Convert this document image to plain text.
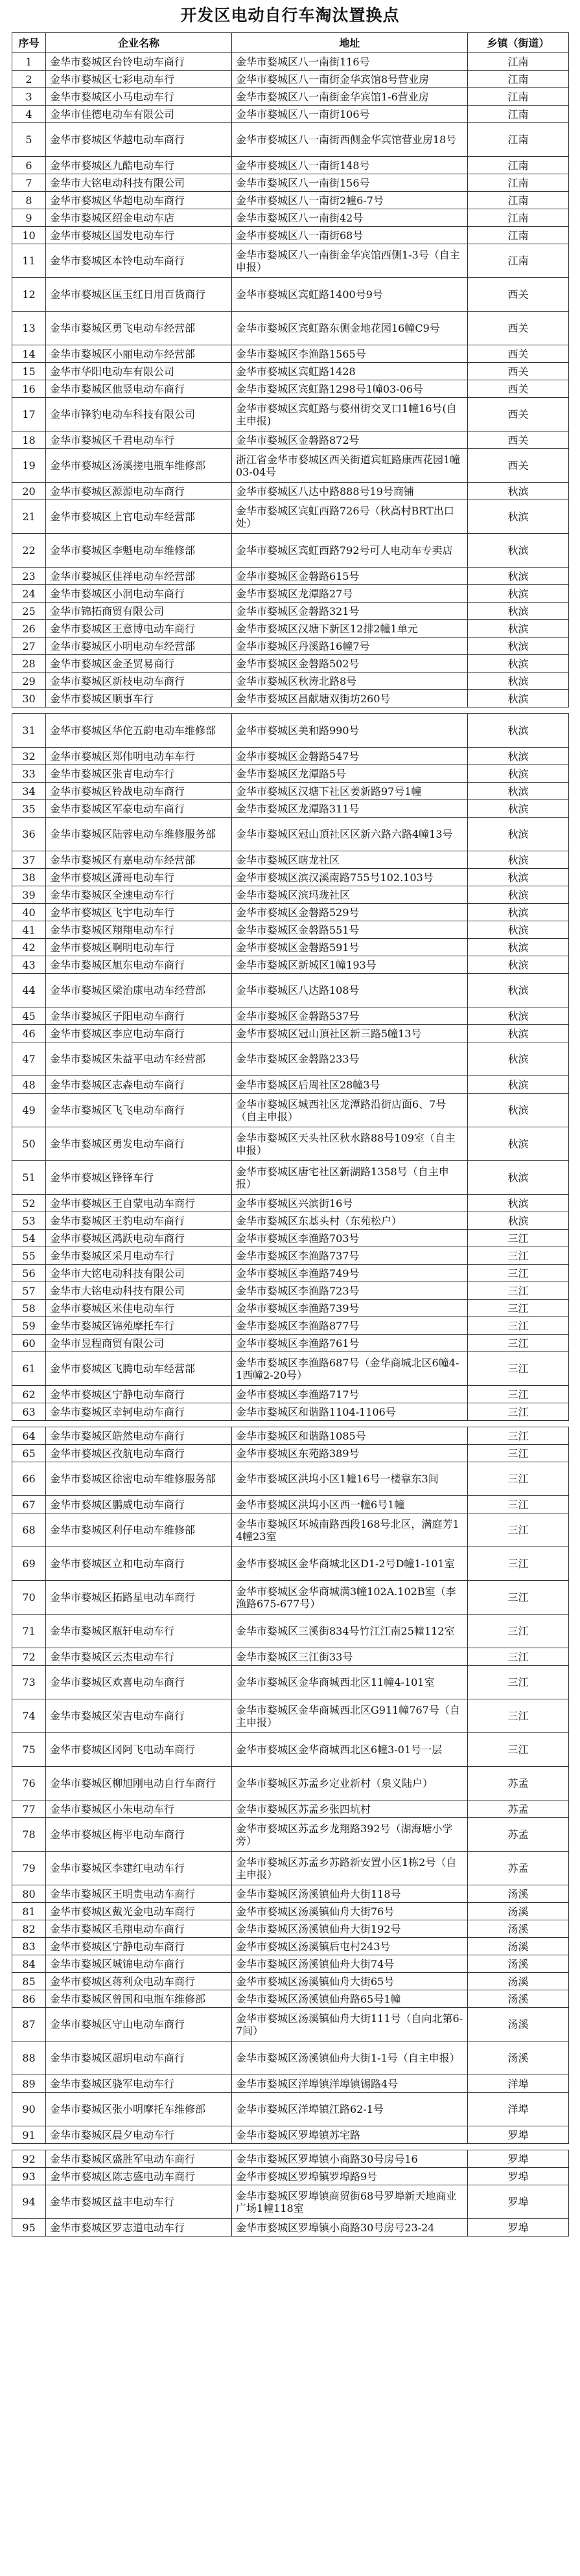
开发区电动自行车淘汰置换点
序号	企业名称	地址	乡镇（街道）
1	金华市婺城区台铃电动车商行	金华市婺城区八一南街116号	江南
2	金华市婺城区七彩电动车行	金华市婺城区八一南街金华宾馆8号营业房	江南
3	金华市婺城区小马电动车行	金华市婺城区八一南街金华宾馆1-6营业房	江南
4	金华市佳德电动车有限公司	金华市婺城区八一南街106号	江南
5	金华市婺城区华越电动车商行	金华市婺城区八一南街西侧金华宾馆营业房18号	江南
6	金华市婺城区九酷电动车行	金华市婺城区八一南街148号	江南
7	金华市大铭电动科技有限公司	金华市婺城区八一南街156号	江南
8	金华市婺城区华超电动车商行	金华市婺城区八一南街2幢6-7号	江南
9	金华市婺城区绍金电动车店	金华市婺城区八一南街42号	江南
10	金华市婺城区国发电动车行	金华市婺城区八一南街68号	江南
11	金华市婺城区本铃电动车商行	金华市婺城区八一南街金华宾馆西侧1-3号（自主申报）	江南
12	金华市婺城区匡玉红日用百货商行	金华市婺城区宾虹路1400号9号	西关
13	金华市婺城区勇飞电动车经营部	金华市婺城区宾虹路东侧金地花园16幢C9号	西关
14	金华市婺城区小丽电动车经营部	金华市婺城区李渔路1565号	西关
15	金华市华阳电动车有限公司	金华市婺城区宾虹路1428	西关
16	金华市婺城区他竖电动车商行	金华市婺城区宾虹路1298号1幢03-06号	西关
17	金华市锋豹电动车科技有限公司	金华市婺城区宾虹路与婺州街交叉口1幢16号(自主申报)	西关
18	金华市婺城区千君电动车行	金华市婺城区金磐路872号	西关
19	金华市婺城区汤溪搓电瓶车维修部	浙江省金华市婺城区西关街道宾虹路康西花园1幢03-04号	西关
20	金华市婺城区源源电动车商行	金华市婺城区八达中路888号19号商铺	秋滨
21	金华市婺城区上官电动车经营部	金华市婺城区宾虹西路726号（秋高村BRT出口处）	秋滨
22	金华市婺城区李魁电动车维修部	金华市婺城区宾虹西路792号可人电动车专卖店	秋滨
23	金华市婺城区佳祥电动车经营部	金华市婺城区金磐路615号	秋滨
24	金华市婺城区小洞电动车商行	金华市婺城区龙潭路27号	秋滨
25	金华市锦拓商贸有限公司	金华市婺城区金磐路321号	秋滨
26	金华市婺城区王意博电动车商行	金华市婺城区汉塘下新区12排2幢1单元	秋滨
27	金华市婺城区小明电动车经营部	金华市婺城区丹溪路16幢7号	秋滨
28	金华市婺城区金圣贸易商行	金华市婺城区金磐路502号	秋滨
29	金华市婺城区新枝电动车商行	金华市婺城区秋涛北路8号	秋滨
30	金华市婺城区顺事车行	金华市婺城区昌献塘双街坊260号	秋滨

31	金华市婺城区华佗五韵电动车维修部	金华市婺城区美和路990号	秋滨
32	金华市婺城区郑伟明电动车车行	金华市婺城区金磐路547号	秋滨
33	金华市婺城区张青电动车行	金华市婺城区龙潭路5号	秋滨
34	金华市婺城区铃战电动车商行	金华市婺城区汉塘下社区姜新路97号1幢	秋滨
35	金华市婺城区军豪电动车商行	金华市婺城区龙潭路311号	秋滨
36	金华市婺城区陆蓉电动车维修服务部	金华市婺城区冠山頂社区区新六路六路4幢13号	秋滨
37	金华市婺城区有嘉电动车经营部	金华市婺城区瞎龙社区	秋滨
38	金华市婺城区潇哥电动车行	金华市婺城区滨汉溪南路755号102.103号	秋滨
39	金华市婺城区全速电动车行	金华市婺城区滨玛珑社区	秋滨
40	金华市婺城区飞宇电动车行	金华市婺城区金磐路529号	秋滨
41	金华市婺城区翔翔电动车行	金华市婺城区金磐路551号	秋滨
42	金华市婺城区啊明电动车行	金华市婺城区金磐路591号	秋滨
43	金华市婺城区旭东电动车商行	金华市婺城区新城区1幢193号	秋滨
44	金华市婺城区梁治康电动车经营部	金华市婺城区八达路108号	秋滨
45	金华市婺城区子阳电动车商行	金华市婺城区金磐路537号	秋滨
46	金华市婺城区李应电动车商行	金华市婺城区冠山頂社区新三路5幢13号	秋滨
47	金华市婺城区朱益平电动车经营部	金华市婺城区金磐路233号	秋滨
48	金华市婺城区志森电动车商行	金华市婺城区后周社区28幢3号	秋滨
49	金华市婺城区飞飞电动车商行	金华市婺城区城西社区龙潭路沿街店面6、7号（自主申报）	秋滨
50	金华市婺城区勇发电动车商行	金华市婺城区天头社区秋水路88号109室（自主申报）	秋滨
51	金华市婺城区锋锋车行	金华市婺城区唐宅社区新湖路1358号（自主申报）	秋滨
52	金华市婺城区王自蒙电动车商行	金华市婺城区兴滨街16号	秋滨
53	金华市婺城区王豹电动车商行	金华市婺城区东基头村（东苑松户）	秋滨
54	金华市婺城区鸿跃电动车商行	金华市婺城区李渔路703号	三江
55	金华市婺城区采月电动车行	金华市婺城区李渔路737号	三江
56	金华市大铭电动科技有限公司	金华市婺城区李渔路749号	三江
57	金华市大铭电动科技有限公司	金华市婺城区李渔路723号	三江
58	金华市婺城区米佳电动车行	金华市婺城区李渔路739号	三江
59	金华市婺城区锦苑摩托车行	金华市婺城区李渔路877号	三江
60	金华市昱程商贸有限公司	金华市婺城区李渔路761号	三江
61	金华市婺城区飞腾电动车经营部	金华市婺城区李渔路687号（金华商城北区6幢4-1西幢2-20号）	三江
62	金华市婺城区宁静电动车商行	金华市婺城区李渔路717号	三江
63	金华市婺城区幸轲电动车商行	金华市婺城区和谐路1104-1106号	三江

64	金华市婺城区皓然电动车商行	金华市婺城区和谐路1085号	三江
65	金华市婺城区孜航电动车商行	金华市婺城区东苑路389号	三江
66	金华市婺城区徐密电动车维修服务部	金华市婺城区洪坞小区1幢16号一楼靠东3间	三江
67	金华市婺城区鹏威电动车商行	金华市婺城区洪坞小区西一幢6号1幢	三江
68	金华市婺城区利仔电动车维修部	金华市婺城区环城南路西段168号北区，满庭芳14幢23室	三江
69	金华市婺城区立和电动车商行	金华市婺城区金华商城北区D1-2号D幢1-101室	三江
70	金华市婺城区拓路星电动车商行	金华市婺城区金华商城满3幢102A.102B室（李渔路675-677号）	三江
71	金华市婺城区瓶轩电动车行	金华市婺城区三溪街834号竹江江南25幢112室	三江
72	金华市婺城区云杰电动车行	金华市婺城区三江街33号	三江
73	金华市婺城区欢喜电动车商行	金华市婺城区金华商城西北区11幢4-101室	三江
74	金华市婺城区荣吉电动车商行	金华市婺城区金华商城西北区G911幢767号（自主申报）	三江
75	金华市婺城区冈阿飞电动车商行	金华市婺城区金华商城西北区6幢3-01号一层	三江
76	金华市婺城区柳旭刚电动自行车商行	金华市婺城区苏孟乡定业新村（泉义陆户）	苏孟
77	金华市婺城区小朱电动车行	金华市婺城区苏孟乡张四坑村	苏孟
78	金华市婺城区梅平电动车商行	金华市婺城区苏孟乡龙翔路392号（湖海塘小学旁）	苏孟
79	金华市婺城区李建红电动车行	金华市婺城区苏孟乡苏路新安置小区1栋2号（自主申报）	苏孟
80	金华市婺城区王明贵电动车商行	金华市婺城区汤溪镇仙舟大街118号	汤溪
81	金华市婺城区戴光金电动车商行	金华市婺城区汤溪镇仙舟大街76号	汤溪
82	金华市婺城区毛翔电动车商行	金华市婺城区汤溪镇仙舟大街192号	汤溪
83	金华市婺城区宁静电动车商行	金华市婺城区汤溪镇后屯村243号	汤溪
84	金华市婺城区城锦电动车商行	金华市婺城区汤溪镇仙舟大街74号	汤溪
85	金华市婺城区蒋利众电动车商行	金华市婺城区汤溪镇仙舟大街65号	汤溪
86	金华市婺城区曾国和电瓶车维修部	金华市婺城区汤溪镇仙舟路65号1幢	汤溪
87	金华市婺城区守山电动车商行	金华市婺城区汤溪镇仙舟大街111号（自向北第6-7间）	汤溪
88	金华市婺城区超玥电动车商行	金华市婺城区汤溪镇仙舟大街1-1号（自主申报）	汤溪
89	金华市婺城区骁军电动车行	金华市婺城区洋埠镇洋埠镇锡路4号	洋埠
90	金华市婺城区张小明摩托车维修部	金华市婺城区洋埠镇江路62-1号	洋埠
91	金华市婺城区晨夕电动车行	金华市婺城区罗埠镇苏宅路	罗埠

92	金华市婺城区盛胜军电动车商行	金华市婺城区罗埠镇小商路30号房号16	罗埠
93	金华市婺城区陈志盛电动车商行	金华市婺城区罗埠镇罗埠路9号	罗埠
94	金华市婺城区益丰电动车行	金华市婺城区罗埠镇商贸街68号罗埠新天地商业广场1幢118室	罗埠
95	金华市婺城区罗志道电动车行	金华市婺城区罗埠镇小商路30号房号23-24	罗埠
